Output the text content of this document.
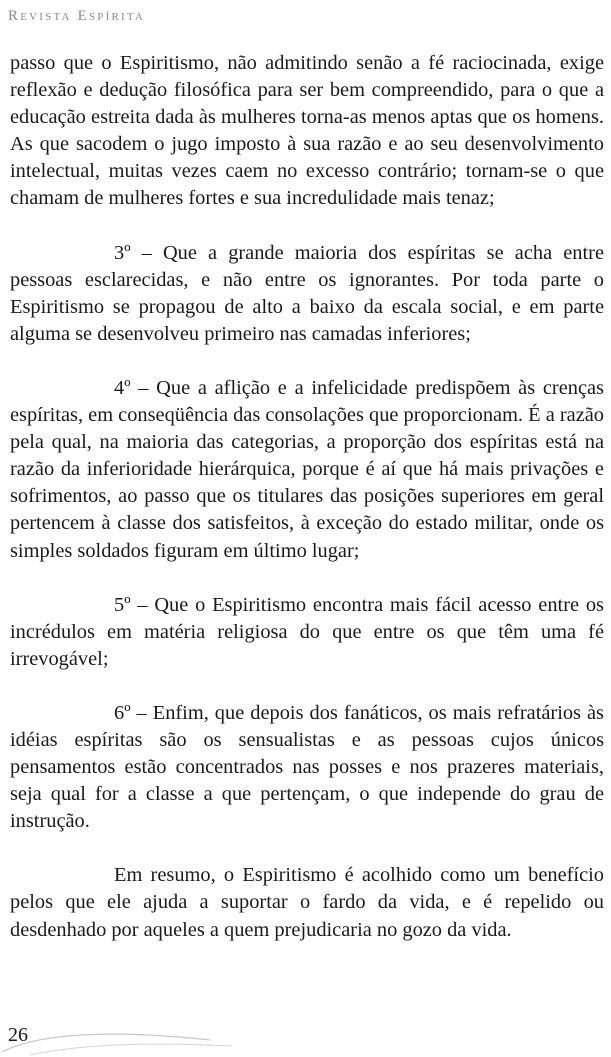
Revista Espírita

passo que o Espiritismo, não admitindo senão a fé raciocinada, exige reflexão e dedução filosófica para ser bem compreendido, para o que a educação estreita dada às mulheres torna-as menos aptas que os homens. As que sacodem o jugo imposto à sua razão e ao seu desenvolvimento intelectual, muitas vezes caem no excesso contrário; tornam-se o que chamam de mulheres fortes e sua incredulidade mais tenaz;

3º – Que a grande maioria dos espíritas se acha entre pessoas esclarecidas, e não entre os ignorantes. Por toda parte o Espiritismo se propagou de alto a baixo da escala social, e em parte alguma se desenvolveu primeiro nas camadas inferiores;

4º – Que a aflição e a infelicidade predispõem às crenças espíritas, em conseqüência das consolações que proporcionam. É a razão pela qual, na maioria das categorias, a proporção dos espíritas está na razão da inferioridade hierárquica, porque é aí que há mais privações e sofrimentos, ao passo que os titulares das posições superiores em geral pertencem à classe dos satisfeitos, à exceção do estado militar, onde os simples soldados figuram em último lugar;

5º – Que o Espiritismo encontra mais fácil acesso entre os incrédulos em matéria religiosa do que entre os que têm uma fé irrevogável;

6º – Enfim, que depois dos fanáticos, os mais refratários às idéias espíritas são os sensualistas e as pessoas cujos únicos pensamentos estão concentrados nas posses e nos prazeres materiais, seja qual for a classe a que pertençam, o que independe do grau de instrução.

Em resumo, o Espiritismo é acolhido como um benefício pelos que ele ajuda a suportar o fardo da vida, e é repelido ou desdenhado por aqueles a quem prejudicaria no gozo da vida.

26
